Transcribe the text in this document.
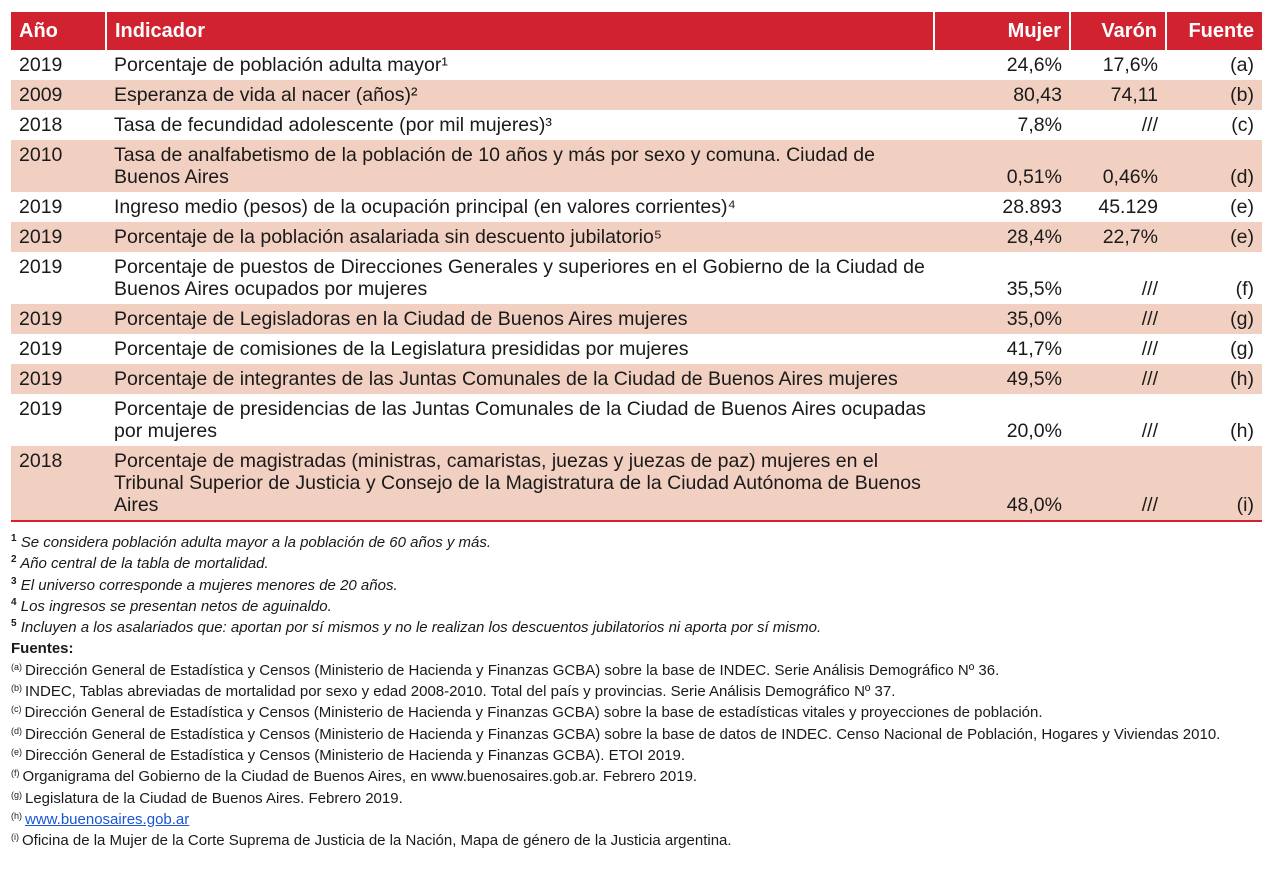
Año	Indicador	Mujer	Varón	Fuente
2019	Porcentaje de población adulta mayor¹	24,6%	17,6%	(a)
2009	Esperanza de vida al nacer (años)²	80,43	74,11	(b)
2018	Tasa de fecundidad adolescente (por mil mujeres)³	7,8%	///	(c)
2010	Tasa de analfabetismo de la población de 10 años y más por sexo y comuna. Ciudad de Buenos Aires	0,51%	0,46%	(d)
2019	Ingreso medio (pesos) de la ocupación principal (en valores corrientes)⁴	28.893	45.129	(e)
2019	Porcentaje de la población asalariada sin descuento jubilatorio⁵	28,4%	22,7%	(e)
2019	Porcentaje de puestos de Direcciones Generales y superiores en el Gobierno de la Ciudad de Buenos Aires ocupados por mujeres	35,5%	///	(f)
2019	Porcentaje de Legisladoras en la Ciudad de Buenos Aires mujeres	35,0%	///	(g)
2019	Porcentaje de comisiones de la Legislatura presididas por mujeres	41,7%	///	(g)
2019	Porcentaje de integrantes de las Juntas Comunales de la Ciudad de Buenos Aires mujeres	49,5%	///	(h)
2019	Porcentaje de presidencias de las Juntas Comunales de la Ciudad de Buenos Aires ocupadas por mujeres	20,0%	///	(h)
2018	Porcentaje de magistradas (ministras, camaristas, juezas y juezas de paz) mujeres en el Tribunal Superior de Justicia y Consejo de la Magistratura de la Ciudad Autónoma de Buenos Aires	48,0%	///	(i)
$^1$ Se considera población adulta mayor a la población de 60 años y más.
$^2$ Año central de la tabla de mortalidad.
$^3$ El universo corresponde a mujeres menores de 20 años.
$^4$ Los ingresos se presentan netos de aguinaldo.
$^5$ Incluyen a los asalariados que: aportan por sí mismos y no le realizan los descuentos jubilatorios ni aporta por sí mismo.
Fuentes:
$^{(a)}$ Dirección General de Estadística y Censos (Ministerio de Hacienda y Finanzas GCBA) sobre la base de INDEC. Serie Análisis Demográfico Nº 36.
$^{(b)}$ INDEC, Tablas abreviadas de mortalidad por sexo y edad 2008-2010. Total del país y provincias. Serie Análisis Demográfico Nº 37.
$^{(c)}$ Dirección General de Estadística y Censos (Ministerio de Hacienda y Finanzas GCBA) sobre la base de estadísticas vitales y proyecciones de población.
$^{(d)}$ Dirección General de Estadística y Censos (Ministerio de Hacienda y Finanzas GCBA) sobre la base de datos de INDEC. Censo Nacional de Población, Hogares y Viviendas 2010.
$^{(e)}$ Dirección General de Estadística y Censos (Ministerio de Hacienda y Finanzas GCBA). ETOI 2019.
$^{(f)}$ Organigrama del Gobierno de la Ciudad de Buenos Aires, en www.buenosaires.gob.ar. Febrero 2019.
$^{(g)}$ Legislatura de la Ciudad de Buenos Aires. Febrero 2019.
$^{(h)}$ www.buenosaires.gob.ar
$^{(i)}$ Oficina de la Mujer de la Corte Suprema de Justicia de la Nación, Mapa de género de la Justicia argentina.
